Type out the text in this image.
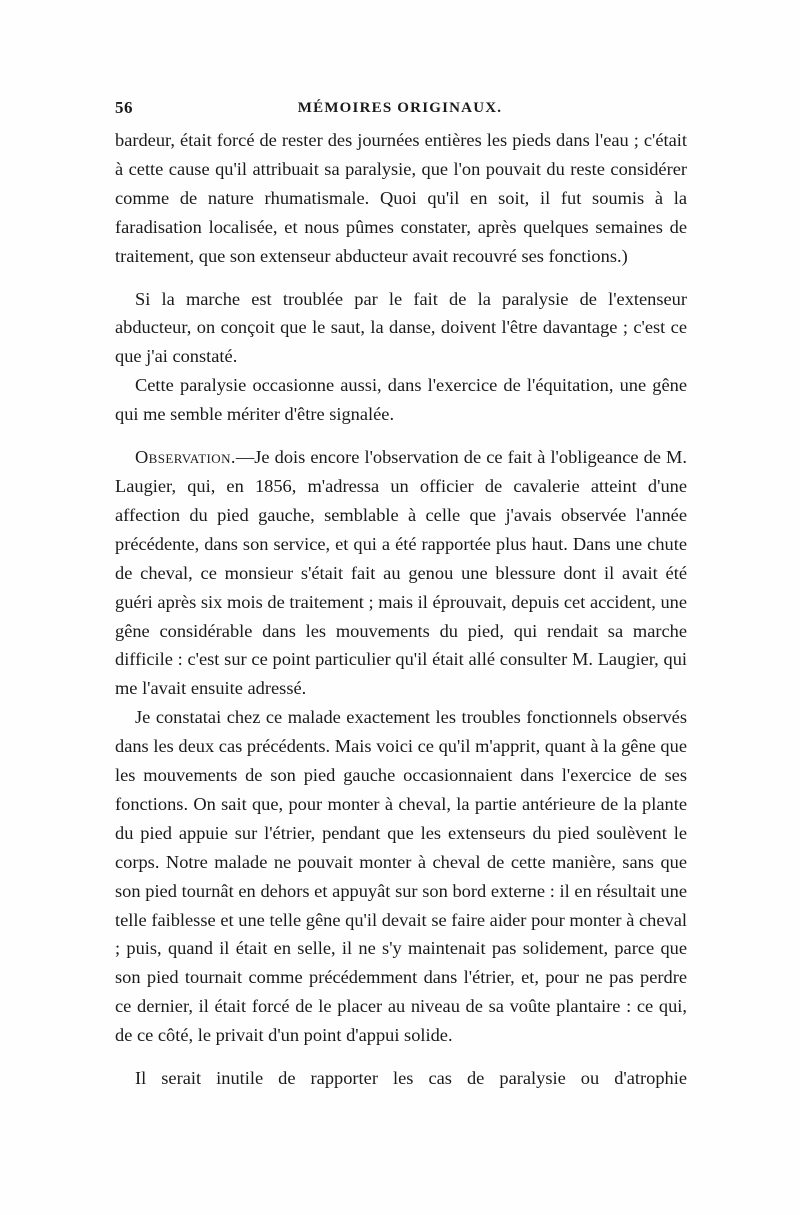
56	MÉMOIRES ORIGINAUX.

bardeur, était forcé de rester des journées entières les pieds dans l'eau ; c'était à cette cause qu'il attribuait sa paralysie, que l'on pouvait du reste considérer comme de nature rhumatismale. Quoi qu'il en soit, il fut soumis à la faradisation localisée, et nous pûmes constater, après quelques semaines de traitement, que son extenseur abducteur avait recouvré ses fonctions.)

Si la marche est troublée par le fait de la paralysie de l'extenseur abducteur, on conçoit que le saut, la danse, doivent l'être davantage ; c'est ce que j'ai constaté.

Cette paralysie occasionne aussi, dans l'exercice de l'équitation, une gêne qui me semble mériter d'être signalée.

Observation.—Je dois encore l'observation de ce fait à l'obligeance de M. Laugier, qui, en 1856, m'adressa un officier de cavalerie atteint d'une affection du pied gauche, semblable à celle que j'avais observée l'année précédente, dans son service, et qui a été rapportée plus haut. Dans une chute de cheval, ce monsieur s'était fait au genou une blessure dont il avait été guéri après six mois de traitement ; mais il éprouvait, depuis cet accident, une gêne considérable dans les mouvements du pied, qui rendait sa marche difficile : c'est sur ce point particulier qu'il était allé consulter M. Laugier, qui me l'avait ensuite adressé.

Je constatai chez ce malade exactement les troubles fonctionnels observés dans les deux cas précédents. Mais voici ce qu'il m'apprit, quant à la gêne que les mouvements de son pied gauche occasionnaient dans l'exercice de ses fonctions. On sait que, pour monter à cheval, la partie antérieure de la plante du pied appuie sur l'étrier, pendant que les extenseurs du pied soulèvent le corps. Notre malade ne pouvait monter à cheval de cette manière, sans que son pied tournât en dehors et appuyât sur son bord externe : il en résultait une telle faiblesse et une telle gêne qu'il devait se faire aider pour monter à cheval ; puis, quand il était en selle, il ne s'y maintenait pas solidement, parce que son pied tournait comme précédemment dans l'étrier, et, pour ne pas perdre ce dernier, il était forcé de le placer au niveau de sa voûte plantaire : ce qui, de ce côté, le privait d'un point d'appui solide.

Il serait inutile de rapporter les cas de paralysie ou d'atrophie
